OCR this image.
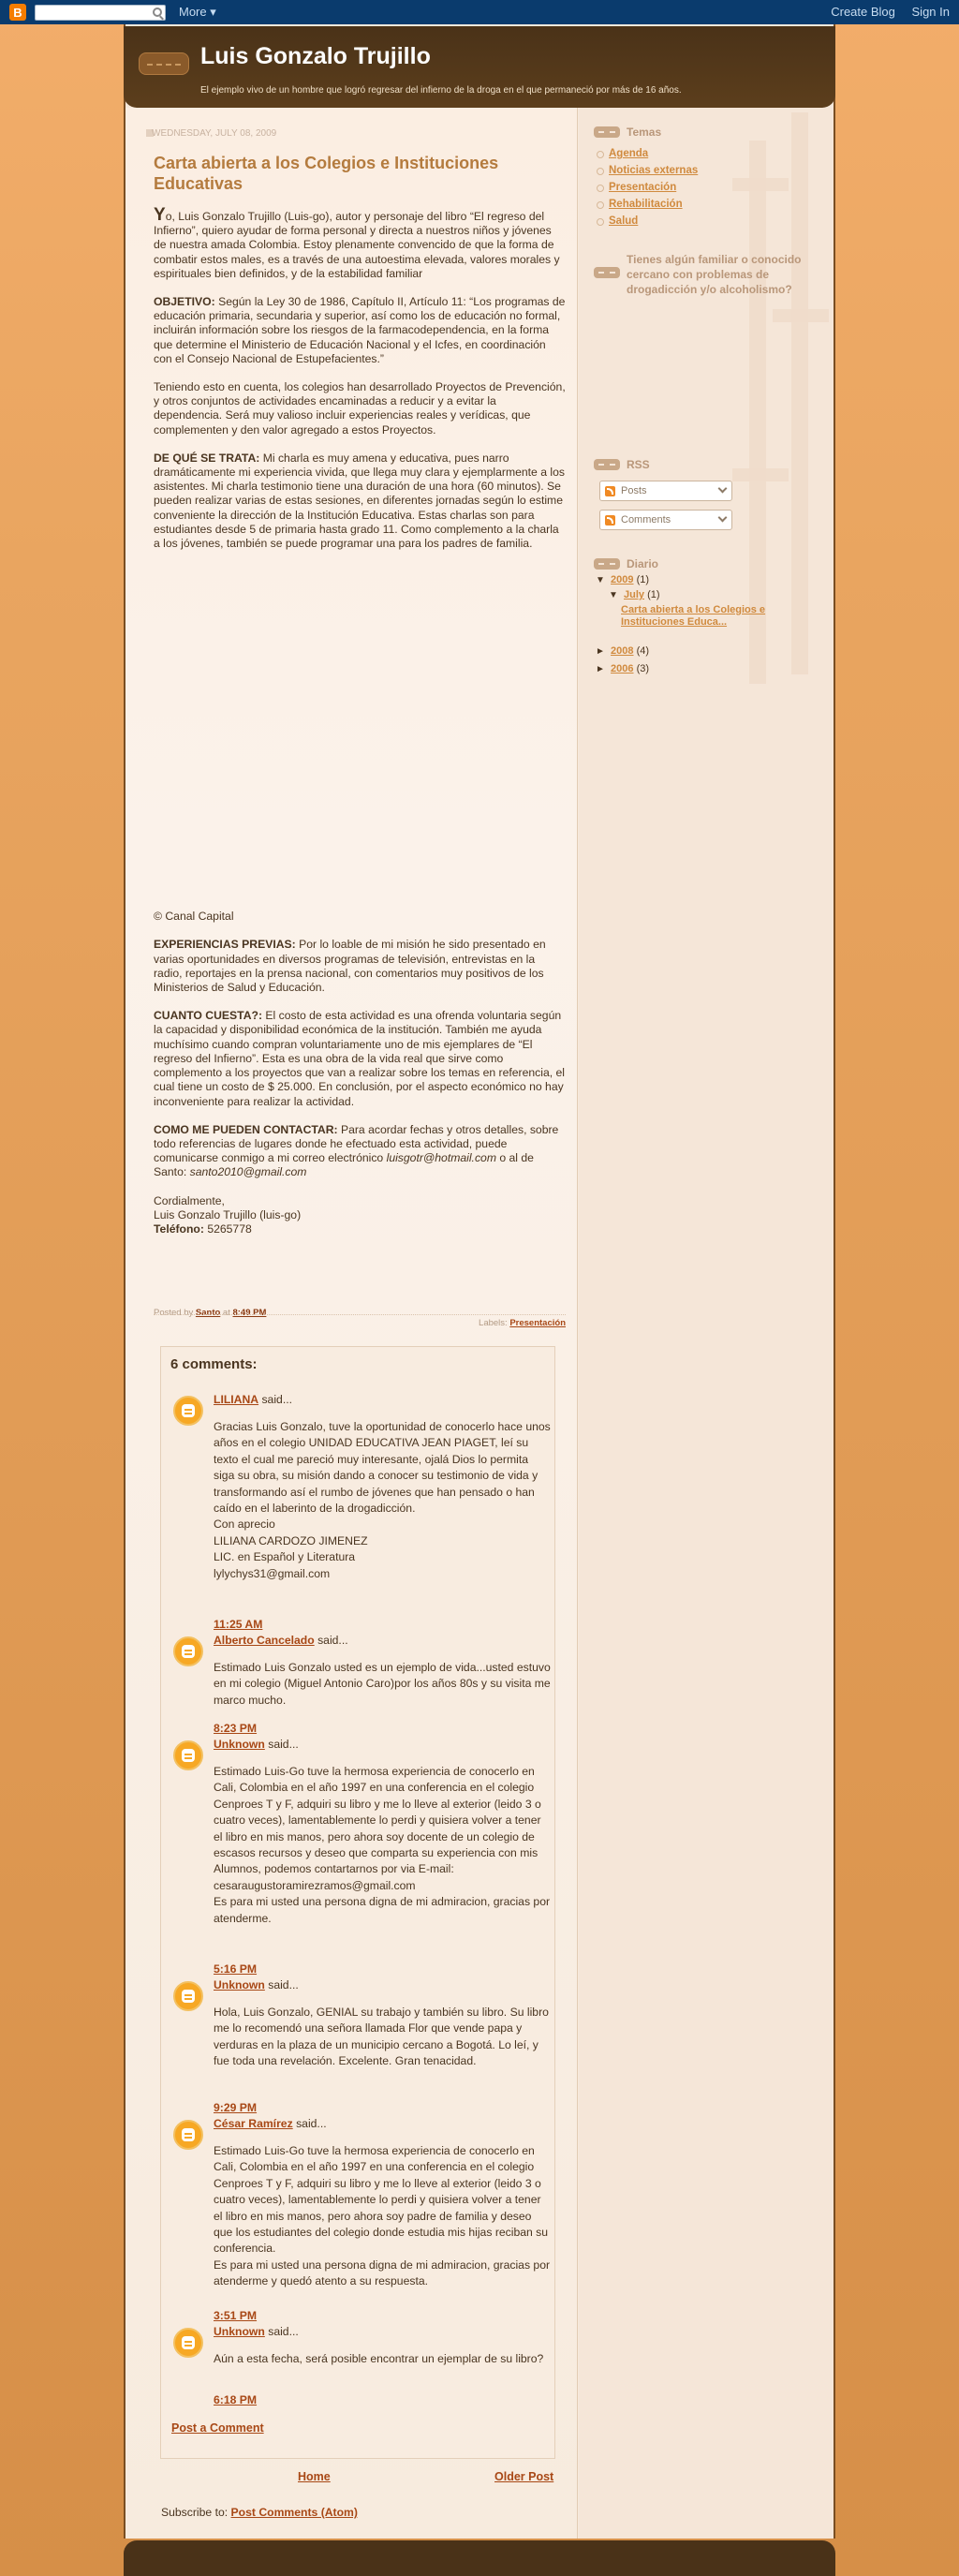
B	More ▾	Create Blog Sign In
Luis Gonzalo Trujillo
El ejemplo vivo de un hombre que logró regresar del infierno de la droga en el que permaneció por más de 16 años.
WEDNESDAY, JULY 08, 2009
Carta abierta a los Colegios e Instituciones Educativas

Yo, Luis Gonzalo Trujillo (Luis-go), autor y personaje del libro “El regreso del Infierno”, quiero ayudar de forma personal y directa a nuestros niños y jóvenes de nuestra amada Colombia. Estoy plenamente convencido de que la forma de combatir estos males, es a través de una autoestima elevada, valores morales y espirituales bien definidos, y de la estabilidad familiar

OBJETIVO: Según la Ley 30 de 1986, Capítulo II, Artículo 11: “Los programas de educación primaria, secundaria y superior, así como los de educación no formal, incluirán información sobre los riesgos de la farmacodependencia, en la forma que determine el Ministerio de Educación Nacional y el Icfes, en coordinación con el Consejo Nacional de Estupefacientes.”

Teniendo esto en cuenta, los colegios han desarrollado Proyectos de Prevención, y otros conjuntos de actividades encaminadas a reducir y a evitar la dependencia. Será muy valioso incluir experiencias reales y verídicas, que complementen y den valor agregado a estos Proyectos.

DE QUÉ SE TRATA: Mi charla es muy amena y educativa, pues narro dramáticamente mi experiencia vivida, que llega muy clara y ejemplarmente a los asistentes. Mi charla testimonio tiene una duración de una hora (60 minutos). Se pueden realizar varias de estas sesiones, en diferentes jornadas según lo estime conveniente la dirección de la Institución Educativa. Estas charlas son para estudiantes desde 5 de primaria hasta grado 11. Como complemento a la charla a los jóvenes, también se puede programar una para los padres de familia.

© Canal Capital

EXPERIENCIAS PREVIAS: Por lo loable de mi misión he sido presentado en varias oportunidades en diversos programas de televisión, entrevistas en la radio, reportajes en la prensa nacional, con comentarios muy positivos de los Ministerios de Salud y Educación.

CUANTO CUESTA?: El costo de esta actividad es una ofrenda voluntaria según la capacidad y disponibilidad económica de la institución. También me ayuda muchísimo cuando compran voluntariamente uno de mis ejemplares de “El regreso del Infierno”. Esta es una obra de la vida real que sirve como complemento a los proyectos que van a realizar sobre los temas en referencia, el cual tiene un costo de $ 25.000. En conclusión, por el aspecto económico no hay inconveniente para realizar la actividad.

COMO ME PUEDEN CONTACTAR: Para acordar fechas y otros detalles, sobre todo referencias de lugares donde he efectuado esta actividad, puede comunicarse conmigo a mi correo electrónico luisgotr@hotmail.com o al de Santo: santo2010@gmail.com

Cordialmente,
Luis Gonzalo Trujillo (luis-go)
Teléfono: 5265778
Posted by Santo at 8:49 PM
Labels: Presentación
6 comments:
LILIANA said...
Gracias Luis Gonzalo, tuve la oportunidad de conocerlo hace unos años en el colegio UNIDAD EDUCATIVA JEAN PIAGET, leí su texto el cual me pareció muy interesante, ojalá Dios lo permita siga su obra, su misión dando a conocer su testimonio de vida y transformando así el rumbo de jóvenes que han pensado o han caído en el laberinto de la drogadicción.
Con aprecio
LILIANA CARDOZO JIMENEZ
LIC. en Español y Literatura
lylychys31@gmail.com
11:25 AM
Alberto Cancelado said...
Estimado Luis Gonzalo usted es un ejemplo de vida...usted estuvo en mi colegio (Miguel Antonio Caro)por los años 80s y su visita me marco mucho.
8:23 PM
Unknown said...
Estimado Luis-Go tuve la hermosa experiencia de conocerlo en Cali, Colombia en el año 1997 en una conferencia en el colegio Cenproes T y F, adquiri su libro y me lo lleve al exterior (leido 3 o cuatro veces), lamentablemente lo perdi y quisiera volver a tener el libro en mis manos, pero ahora soy docente de un colegio de escasos recursos y deseo que comparta su experiencia con mis Alumnos, podemos contartarnos por via E-mail:
cesaraugustoramirezramos@gmail.com
Es para mi usted una persona digna de mi admiracion, gracias por atenderme.
5:16 PM
Unknown said...
Hola, Luis Gonzalo, GENIAL su trabajo y también su libro. Su libro me lo recomendó una señora llamada Flor que vende papa y verduras en la plaza de un municipio cercano a Bogotá. Lo leí, y fue toda una revelación. Excelente. Gran tenacidad.
9:29 PM
César Ramírez said...
Estimado Luis-Go tuve la hermosa experiencia de conocerlo en Cali, Colombia en el año 1997 en una conferencia en el colegio Cenproes T y F, adquiri su libro y me lo lleve al exterior (leido 3 o cuatro veces), lamentablemente lo perdi y quisiera volver a tener el libro en mis manos, pero ahora soy padre de familia y deseo que los estudiantes del colegio donde estudia mis hijas reciban su conferencia.
Es para mi usted una persona digna de mi admiracion, gracias por atenderme y quedó atento a su respuesta.
3:51 PM
Unknown said...
Aún a esta fecha, será posible encontrar un ejemplar de su libro?
6:18 PM
Post a Comment
Home	Older Post
Subscribe to: Post Comments (Atom)
Temas
Agenda
Noticias externas
Presentación
Rehabilitación
Salud
Tienes algún familiar o conocido cercano con problemas de drogadicción y/o alcoholismo?
RSS
Posts
Comments
Diario
▼ 2009 (1)
▼ July (1)
Carta abierta a los Colegios e Instituciones Educa...
► 2008 (4)
► 2006 (3)
